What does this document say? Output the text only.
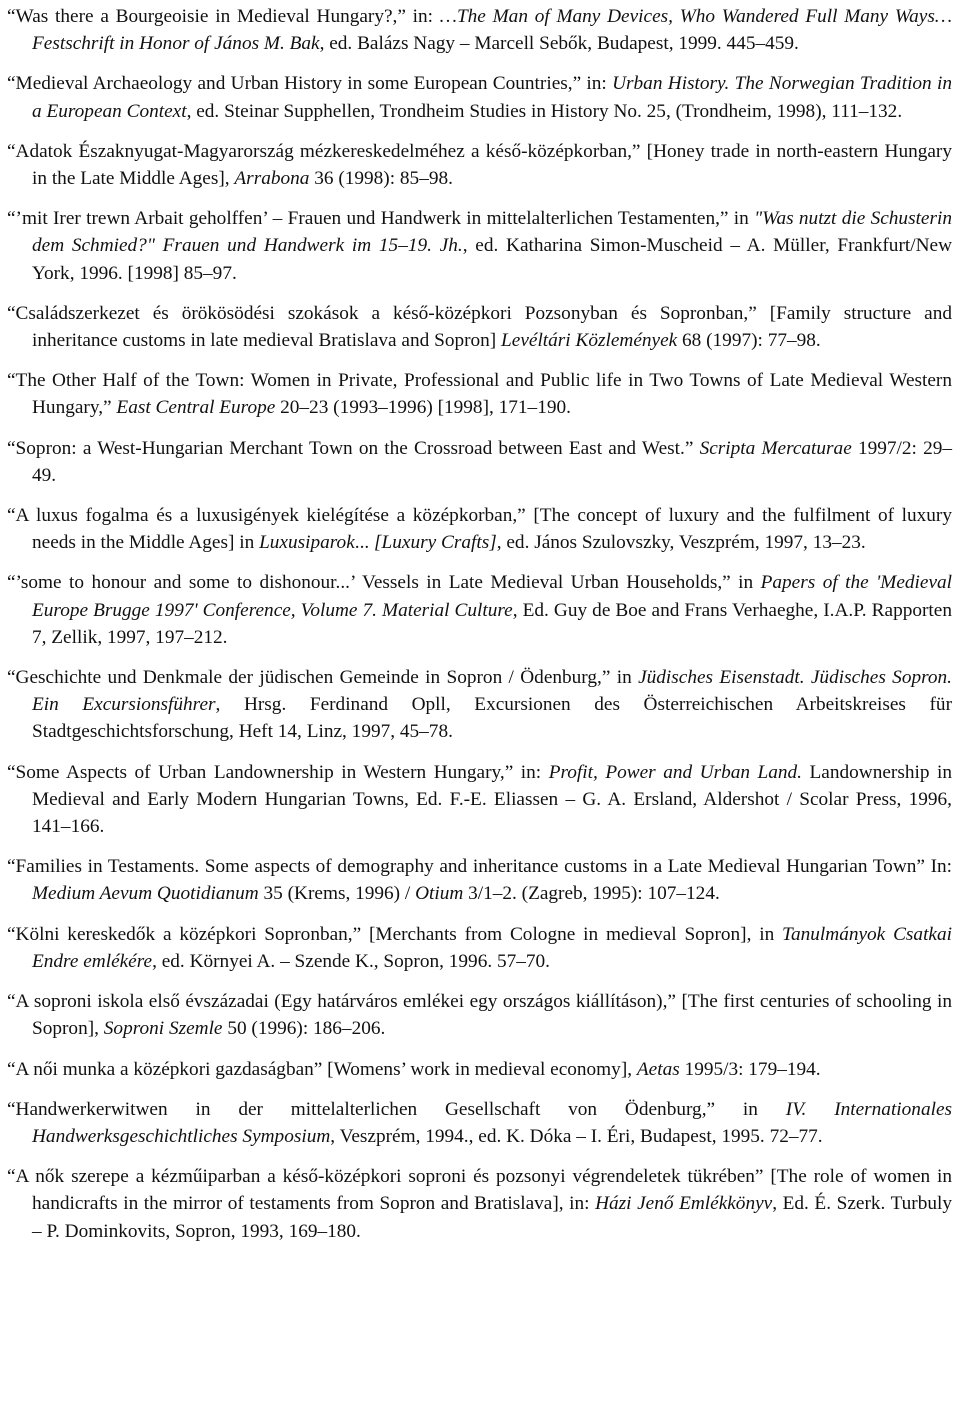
“Was there a Bourgeoisie in Medieval Hungary?,” in: …The Man of Many Devices, Who Wandered Full Many Ways… Festschrift in Honor of János M. Bak, ed. Balázs Nagy – Marcell Sebők, Budapest, 1999. 445–459.

“Medieval Archaeology and Urban History in some European Countries,” in: Urban History. The Norwegian Tradition in a European Context, ed. Steinar Supphellen, Trondheim Studies in History No. 25, (Trondheim, 1998), 111–132.

“Adatok Északnyugat-Magyarország mézkereskedelméhez a késő-középkorban,” [Honey trade in north-eastern Hungary in the Late Middle Ages], Arrabona 36 (1998): 85–98.

“’mit Irer trewn Arbait geholffen’ – Frauen und Handwerk in mittelalterlichen Testamenten,” in "Was nutzt die Schusterin dem Schmied?" Frauen und Handwerk im 15–19. Jh., ed. Katharina Simon-Muscheid – A. Müller, Frankfurt/New York, 1996. [1998] 85–97.

“Családszerkezet és örökösödési szokások a késő-középkori Pozsonyban és Sopronban,” [Family structure and inheritance customs in late medieval Bratislava and Sopron] Levéltári Közlemények 68 (1997): 77–98.

“The Other Half of the Town: Women in Private, Professional and Public life in Two Towns of Late Medieval Western Hungary,” East Central Europe 20–23 (1993–1996) [1998], 171–190.

“Sopron: a West-Hungarian Merchant Town on the Crossroad between East and West.” Scripta Mercaturae 1997/2: 29–49.

“A luxus fogalma és a luxusigények kielégítése a középkorban,” [The concept of luxury and the fulfilment of luxury needs in the Middle Ages] in Luxusiparok... [Luxury Crafts], ed. János Szulovszky, Veszprém, 1997, 13–23.

“’some to honour and some to dishonour...’ Vessels in Late Medieval Urban Households,” in Papers of the 'Medieval Europe Brugge 1997' Conference, Volume 7. Material Culture, Ed. Guy de Boe and Frans Verhaeghe, I.A.P. Rapporten 7, Zellik, 1997, 197–212.

“Geschichte und Denkmale der jüdischen Gemeinde in Sopron / Ödenburg,” in Jüdisches Eisenstadt. Jüdisches Sopron. Ein Excursionsführer, Hrsg. Ferdinand Opll, Excursionen des Österreichischen Arbeitskreises für Stadtgeschichtsforschung, Heft 14, Linz, 1997, 45–78.

“Some Aspects of Urban Landownership in Western Hungary,” in: Profit, Power and Urban Land. Landownership in Medieval and Early Modern Hungarian Towns, Ed. F.-E. Eliassen – G. A. Ersland, Aldershot / Scolar Press, 1996, 141–166.

“Families in Testaments. Some aspects of demography and inheritance customs in a Late Medieval Hungarian Town” In: Medium Aevum Quotidianum 35 (Krems, 1996) / Otium 3/1–2. (Zagreb, 1995): 107–124.

“Kölni kereskedők a középkori Sopronban,” [Merchants from Cologne in medieval Sopron], in Tanulmányok Csatkai Endre emlékére, ed. Környei A. – Szende K., Sopron, 1996. 57–70.

“A soproni iskola első évszázadai (Egy határváros emlékei egy országos kiállításon),” [The first centuries of schooling in Sopron], Soproni Szemle 50 (1996): 186–206.

“A női munka a középkori gazdaságban” [Womens’ work in medieval economy], Aetas 1995/3: 179–194.

“Handwerkerwitwen in der mittelalterlichen Gesellschaft von Ödenburg,” in IV. Internationales Handwerksgeschichtliches Symposium, Veszprém, 1994., ed. K. Dóka – I. Éri, Budapest, 1995. 72–77.

“A nők szerepe a kézműiparban a késő-középkori soproni és pozsonyi végrendeletek tükrében” [The role of women in handicrafts in the mirror of testaments from Sopron and Bratislava], in: Házi Jenő Emlékkönyv, Ed. É. Szerk. Turbuly – P. Dominkovits, Sopron, 1993, 169–180.
